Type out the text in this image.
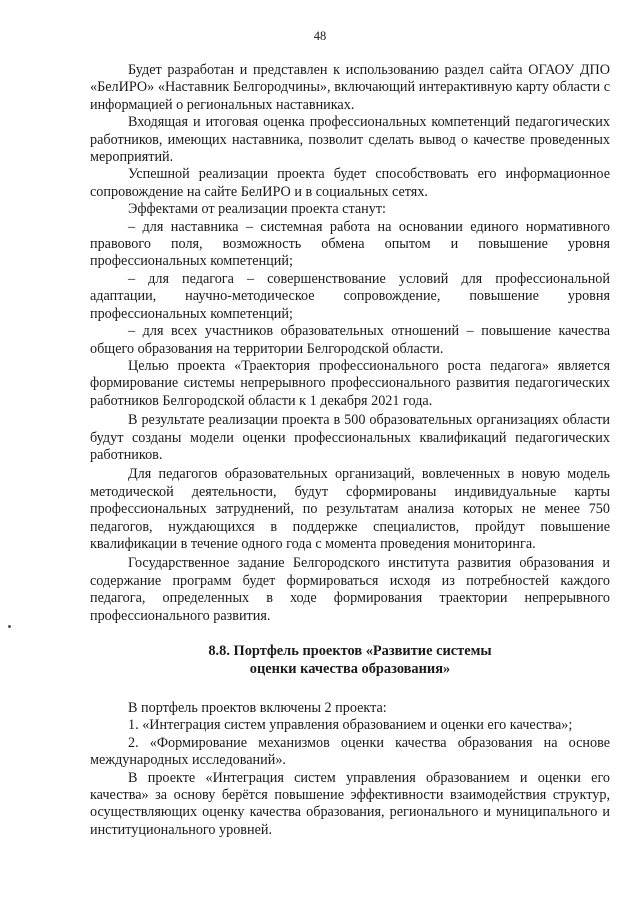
48

Будет разработан и представлен к использованию раздел сайта ОГАОУ ДПО «БелИРО» «Наставник Белгородчины», включающий интерактивную карту области с информацией о региональных наставниках.

Входящая и итоговая оценка профессиональных компетенций педагогических работников, имеющих наставника, позволит сделать вывод о качестве проведенных мероприятий.

Успешной реализации проекта будет способствовать его информационное сопровождение на сайте БелИРО и в социальных сетях.

Эффектами от реализации проекта станут:

– для наставника – системная работа на основании единого нормативного правового поля, возможность обмена опытом и повышение уровня профессиональных компетенций;

– для педагога – совершенствование условий для профессиональной адаптации, научно-методическое сопровождение, повышение уровня профессиональных компетенций;

– для всех участников образовательных отношений – повышение качества общего образования на территории Белгородской области.

Целью проекта «Траектория профессионального роста педагога» является формирование системы непрерывного профессионального развития педагогических работников Белгородской области к 1 декабря 2021 года.

В результате реализации проекта в 500 образовательных организациях области будут созданы модели оценки профессиональных квалификаций педагогических работников.

Для педагогов образовательных организаций, вовлеченных в новую модель методической деятельности, будут сформированы индивидуальные карты профессиональных затруднений, по результатам анализа которых не менее 750 педагогов, нуждающихся в поддержке специалистов, пройдут повышение квалификации в течение одного года с момента проведения мониторинга.

Государственное задание Белгородского института развития образования и содержание программ будет формироваться исходя из потребностей каждого педагога, определенных в ходе формирования траектории непрерывного профессионального развития.

8.8. Портфель проектов «Развитие системы

оценки качества образования»

В портфель проектов включены 2 проекта:

1. «Интеграция систем управления образованием и оценки его качества»;

2. «Формирование механизмов оценки качества образования на основе международных исследований».

В проекте «Интеграция систем управления образованием и оценки его качества» за основу берётся повышение эффективности взаимодействия структур, осуществляющих оценку качества образования, регионального и муниципального и институционального уровней.
